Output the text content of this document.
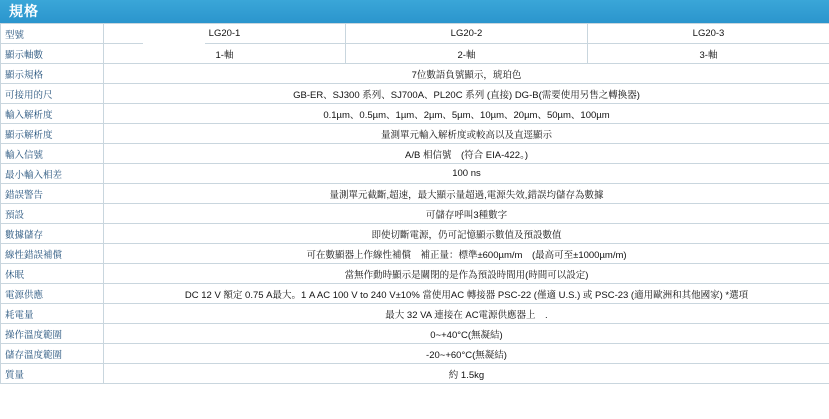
規格
型號	LG20-1	LG20-2	LG20-3
顯示軸數	1-軸	2-軸	3-軸
顯示規格	7位數語負號顯示，琥珀色		
可接用的尺	GB-ER、SJ300 系列、SJ700A、PL20C 系列 (直接) DG-B(需要使用另售之轉換器)		
輸入解析度	0.1µm、0.5µm、1µm、2µm、5µm、10µm、20µm、50µm、100µm		
顯示解析度	量測單元輸入解析度或較高以及直逕顯示		
輸入信號	A/B 相信號　(符合 EIA-422。)		
最小輸入相差	100 ns		
錯誤警告	量測單元截斷,超速，最大顯示量超過,電源失效,錯誤均儲存為數據		
預設	可儲存呼叫3種數字		
數據儲存	即使切斷電源，仍可記憶顯示數值及預設數值		
線性錯誤補償	可在數顯器上作線性補償　補正量：標準±600µm/m　(最高可至±1000µm/m)		
休眠	當無作動時顯示是關閉的是作為預設時間用(時間可以設定)		
電源供應	DC 12 V 額定 0.75 A最大。1 A AC 100 V to 240 V±10% 當使用AC 轉接器 PSC-22 (僅適 U.S.) 或 PSC-23 (適用歐洲和其他國家) *選項		
耗電量	最大 32 VA 連接在 AC電源供應器上　.		
操作溫度範圍	0~+40°C(無凝結)		
儲存溫度範圍	-20~+60°C(無凝結)		
質量	約 1.5kg		
